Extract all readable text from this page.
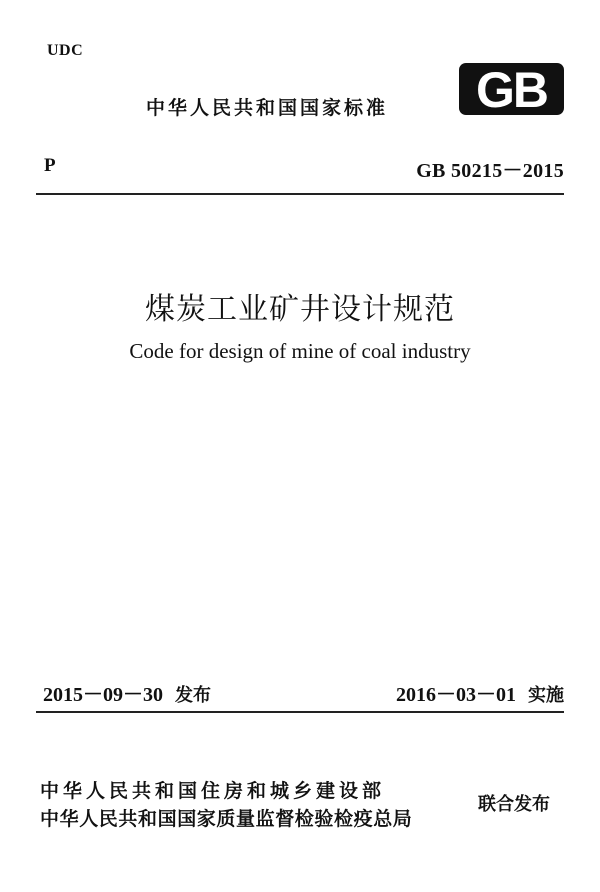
UDC
中华人民共和国国家标准 GB
P	GB 50215－2015
煤炭工业矿井设计规范
Code for design of mine of coal industry
2015－09－30 发布	2016－03－01 实施
中华人民共和国住房和城乡建设部
中华人民共和国国家质量监督检验检疫总局
联合发布
